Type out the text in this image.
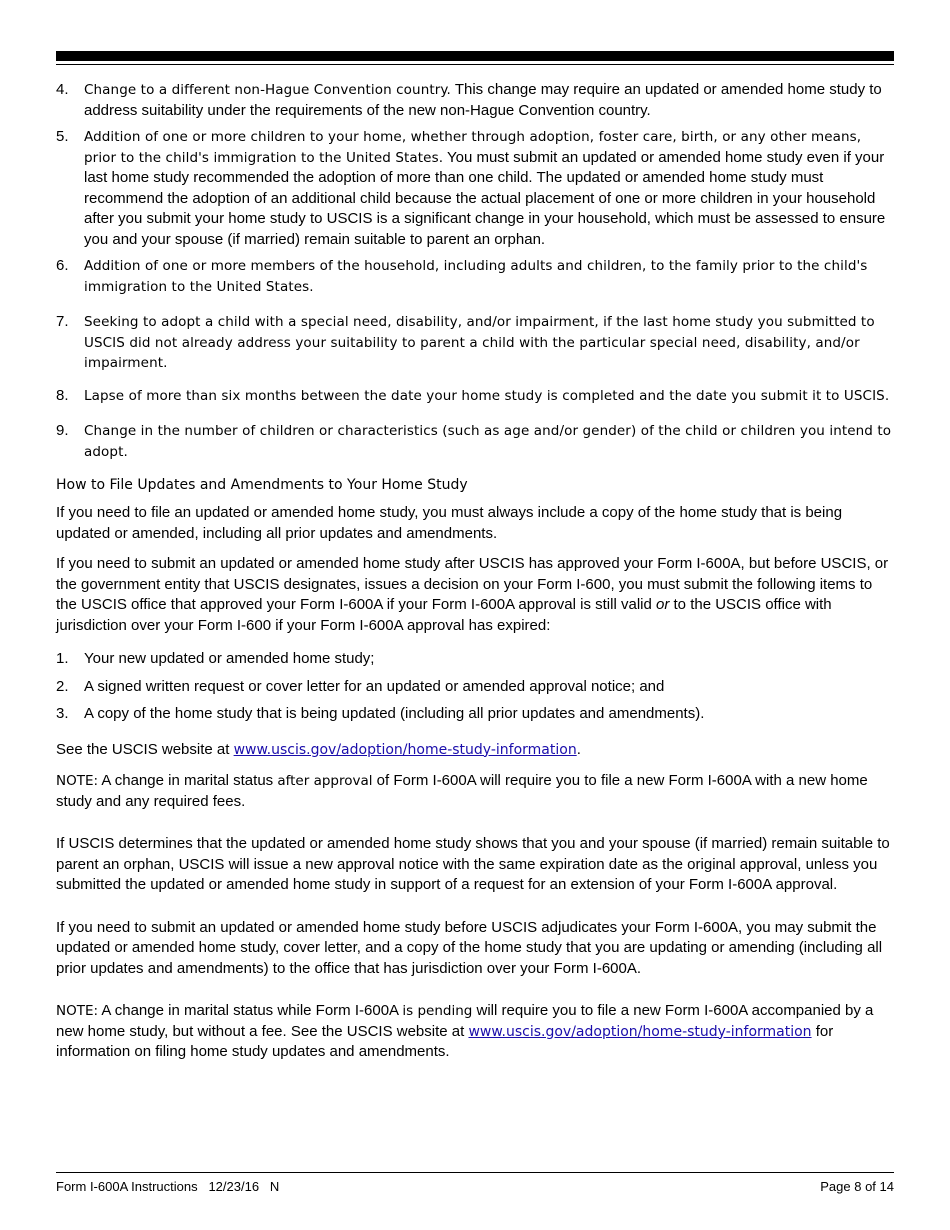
4.	Change to a different non-Hague Convention country. This change may require an updated or amended home study to address suitability under the requirements of the new non-Hague Convention country.
5.	Addition of one or more children to your home, whether through adoption, foster care, birth, or any other means, prior to the child's immigration to the United States. You must submit an updated or amended home study even if your last home study recommended the adoption of more than one child. The updated or amended home study must recommend the adoption of an additional child because the actual placement of one or more children in your household after you submit your home study to USCIS is a significant change in your household, which must be assessed to ensure you and your spouse (if married) remain suitable to parent an orphan.
6.	Addition of one or more members of the household, including adults and children, to the family prior to the child's immigration to the United States.
7.	Seeking to adopt a child with a special need, disability, and/or impairment, if the last home study you submitted to USCIS did not already address your suitability to parent a child with the particular special need, disability, and/or impairment.
8.	Lapse of more than six months between the date your home study is completed and the date you submit it to USCIS.
9.	Change in the number of children or characteristics (such as age and/or gender) of the child or children you intend to adopt.

How to File Updates and Amendments to Your Home Study

If you need to file an updated or amended home study, you must always include a copy of the home study that is being updated or amended, including all prior updates and amendments.

If you need to submit an updated or amended home study after USCIS has approved your Form I-600A, but before USCIS, or the government entity that USCIS designates, issues a decision on your Form I-600, you must submit the following items to the USCIS office that approved your Form I-600A if your Form I-600A approval is still valid or to the USCIS office with jurisdiction over your Form I-600 if your Form I-600A approval has expired:

1.	Your new updated or amended home study;
2.	A signed written request or cover letter for an updated or amended approval notice; and
3.	A copy of the home study that is being updated (including all prior updates and amendments).

See the USCIS website at www.uscis.gov/adoption/home-study-information.

NOTE: A change in marital status after approval of Form I-600A will require you to file a new Form I-600A with a new home study and any required fees.

If USCIS determines that the updated or amended home study shows that you and your spouse (if married) remain suitable to parent an orphan, USCIS will issue a new approval notice with the same expiration date as the original approval, unless you submitted the updated or amended home study in support of a request for an extension of your Form I-600A approval.

If you need to submit an updated or amended home study before USCIS adjudicates your Form I-600A, you may submit the updated or amended home study, cover letter, and a copy of the home study that you are updating or amending (including all prior updates and amendments) to the office that has jurisdiction over your Form I-600A.

NOTE: A change in marital status while Form I-600A is pending will require you to file a new Form I-600A accompanied by a new home study, but without a fee. See the USCIS website at www.uscis.gov/adoption/home-study-information for information on filing home study updates and amendments.

Form I-600A Instructions   12/23/16   N	Page 8 of 14
